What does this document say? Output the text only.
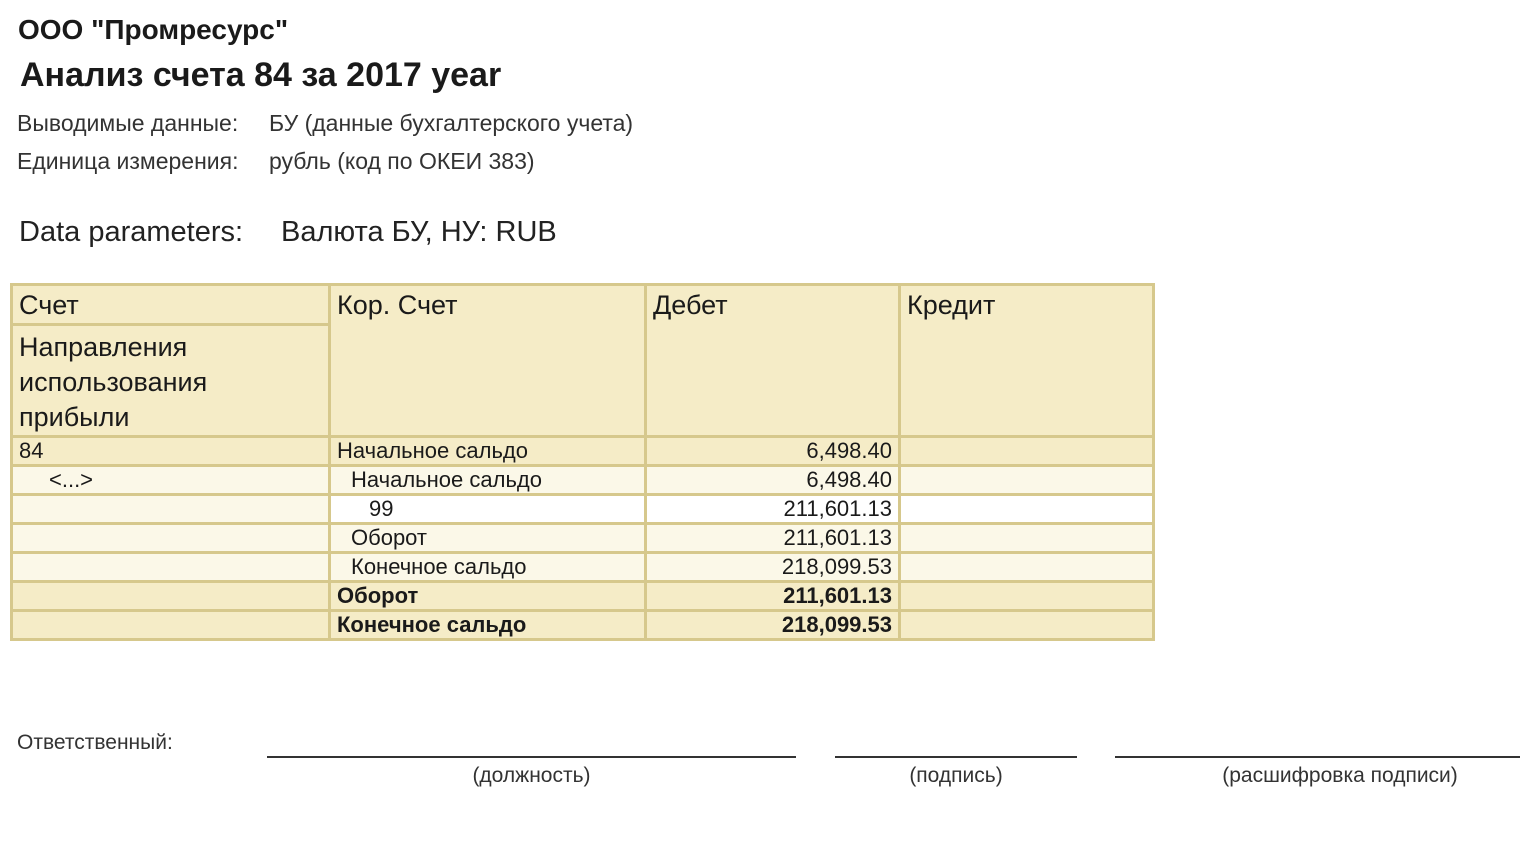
ООО "Промресурс"
Анализ счета 84 за 2017 year
Выводимые данные: БУ (данные бухгалтерского учета)
Единица измерения: рубль (код по ОКЕИ 383)
Data parameters: Валюта БУ, НУ: RUB
Счет	Кор. Счет	Дебет	Кредит
Направления использования прибыли			
84	Начальное сальдо	6,498.40	
<...>	Начальное сальдо	6,498.40	
	99	211,601.13	
	Оборот	211,601.13	
	Конечное сальдо	218,099.53	
	Оборот	211,601.13	
	Конечное сальдо	218,099.53	
Ответственный:
(должность)	(подпись)	(расшифровка подписи)
